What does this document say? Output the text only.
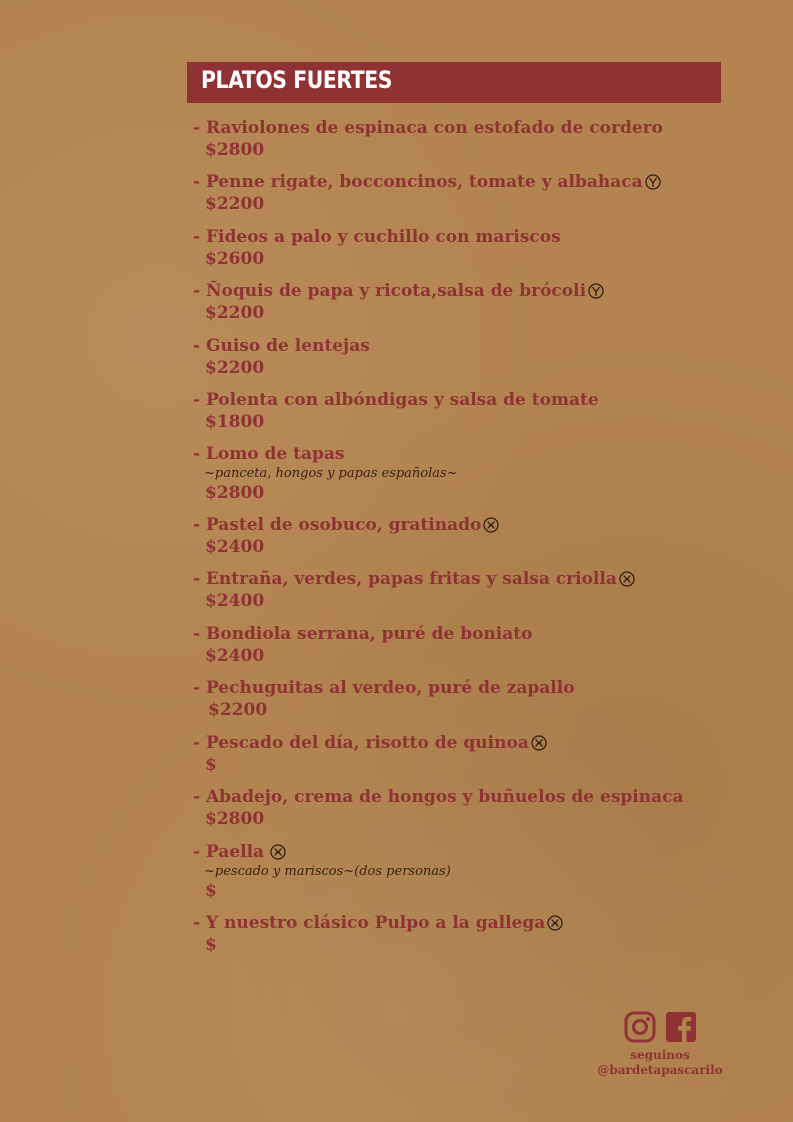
PLATOS FUERTES
- Raviolones de espinaca con estofado de cordero
$2800
- Penne rigate, bocconcinos, tomate y albahaca
$2200
- Fideos a palo y cuchillo con mariscos
$2600
- Ñoquis de papa y ricota,salsa de brócoli
$2200
- Guiso de lentejas
$2200
- Polenta con albóndigas y salsa de tomate
$1800
- Lomo de tapas
~panceta, hongos y papas españolas~
$2800
- Pastel de osobuco, gratinado
$2400
- Entraña, verdes, papas fritas y salsa criolla
$2400
- Bondiola serrana, puré de boniato
$2400
- Pechuguitas al verdeo, puré de zapallo
$2200
- Pescado del día, risotto de quinoa
$
- Abadejo, crema de hongos y buñuelos de espinaca
$2800
- Paella
~pescado y mariscos~(dos personas)
$
- Y nuestro clásico Pulpo a la gallega
$
seguinos
@bardetapascarilo
